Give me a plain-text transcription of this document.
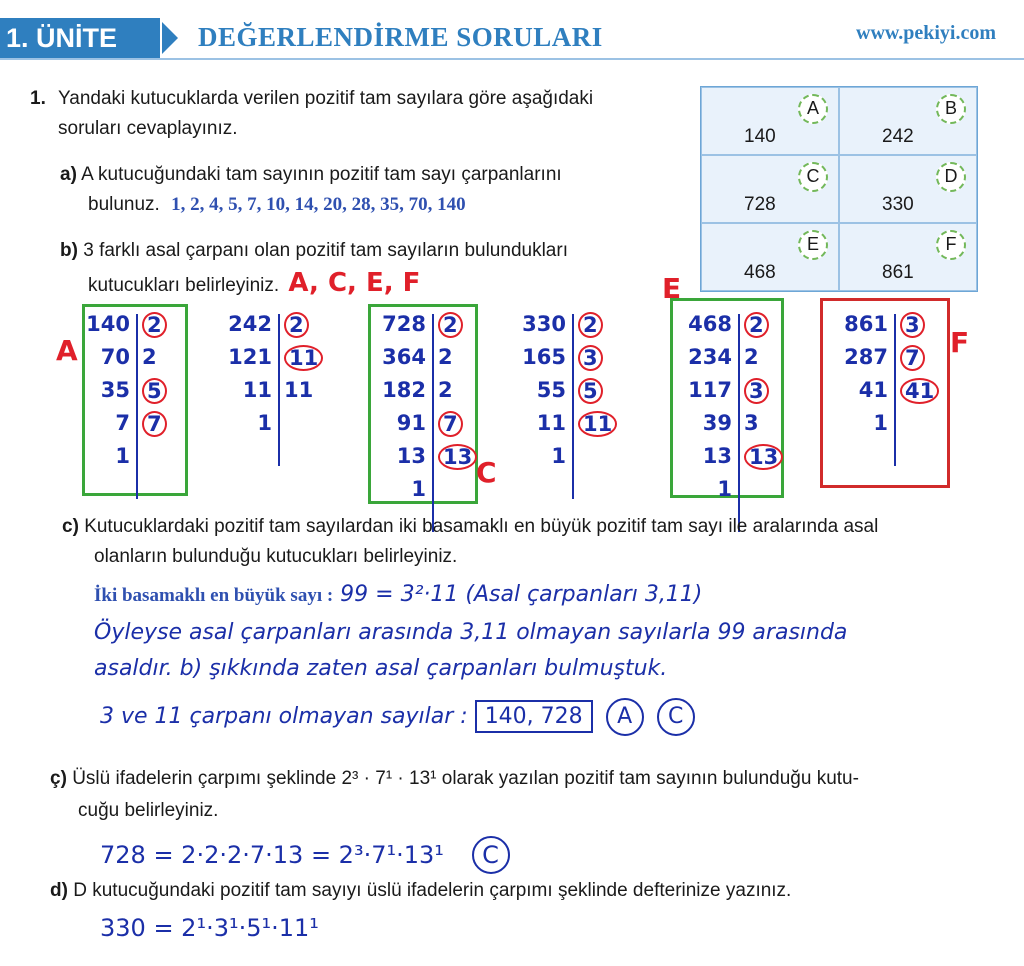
1. ÜNİTE	DEĞERLENDİRME SORULARI	www.pekiyi.com
1. Yandaki kutucuklarda verilen pozitif tam sayılara göre aşağıdaki
soruları cevaplayınız.
a) A kutucuğundaki tam sayının pozitif tam sayı çarpanlarını
bulunuz. 1, 2, 4, 5, 7, 10, 14, 20, 28, 35, 70, 140
b) 3 farklı asal çarpanı olan pozitif tam sayıların bulundukları
kutucukları belirleyiniz. A, C, E, F
A
140
B
242
C
728
D
330
E
468
F
861
A
140
70
35
7
1
2
2
5
7
242
121
11
1
2
11
11
C
728
364
182
91
13
1
2
2
2
7
13
330
165
55
11
1
2
3
5
11
E
468
234
117
39
13
1
2
2
3
3
13
F
861
287
41
1
3
7
41
c) Kutucuklardaki pozitif tam sayılardan iki basamaklı en büyük pozitif tam sayı ile aralarında asal
olanların bulunduğu kutucukları belirleyiniz.
İki basamaklı en büyük sayı : 99 = 3²·11 (Asal çarpanları 3,11)
Öyleyse asal çarpanları arasında 3,11 olmayan sayılarla 99 arasında
asaldır. b) şıkkında zaten asal çarpanları bulmuştuk.
3 ve 11 çarpanı olmayan sayılar : 140, 728 A C
ç) Üslü ifadelerin çarpımı şeklinde 2³ · 7¹ · 13¹ olarak yazılan pozitif tam sayının bulunduğu kutu-
cuğu belirleyiniz.
728 = 2·2·2·7·13 = 2³·7¹·13¹ C
d) D kutucuğundaki pozitif tam sayıyı üslü ifadelerin çarpımı şeklinde defterinize yazınız.
330 = 2¹·3¹·5¹·11¹
